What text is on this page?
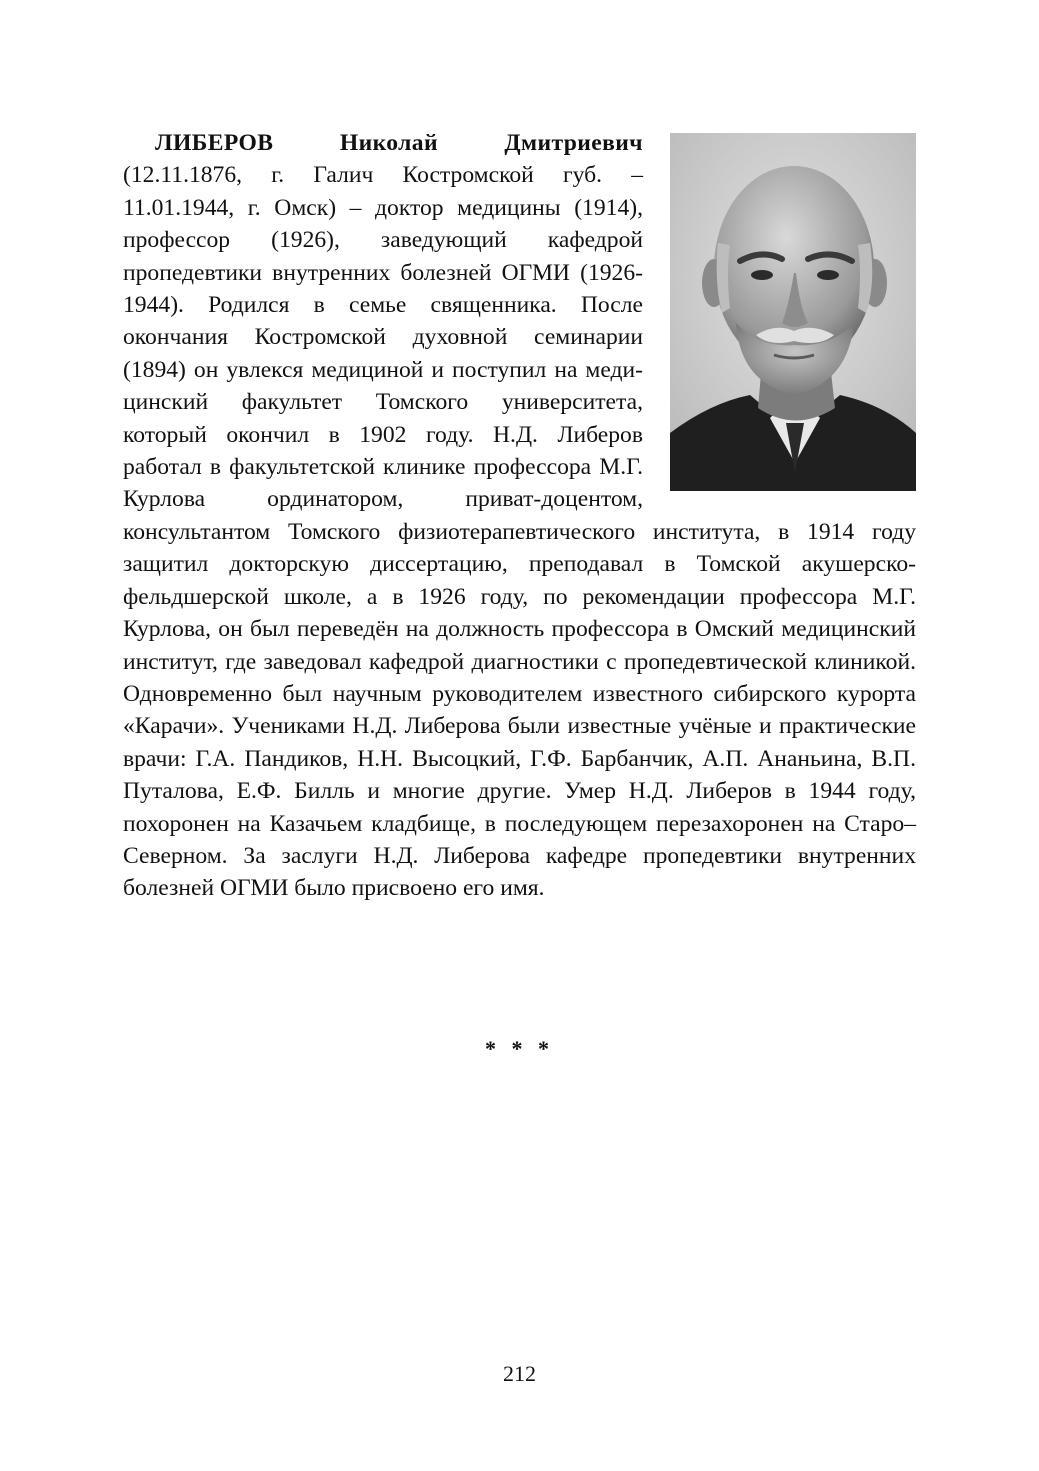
ЛИБЕРОВ Николай Дмитриевич (12.11.1876, г. Галич Костромской губ. – 11.01.1944, г. Омск) – доктор медицины (1914), профессор (1926), заведующий кафедрой пропедевтики внутренних болезней ОГМИ (1926-1944). Родился в семье священника. После окончания Костромской духовной семинарии (1894) он увлекся медициной и поступил на медицинский факультет Томского университета, который окончил в 1902 году. Н.Д. Либеров работал в факультетской клинике профессора М.Г. Курлова ординатором, приват-доцентом, консультантом Томского физиотерапевтического института, в 1914 году защитил докторскую диссертацию, преподавал в Томской акушерско-фельдшерской школе, а в 1926 году, по рекомендации профессора М.Г. Курлова, он был переведён на должность профессора в Омский медицинский институт, где заведовал кафедрой диагностики с пропедевтической клиникой. Одновременно был научным руководителем известного сибирского курорта «Карачи». Учениками Н.Д. Либерова были известные учёные и практические врачи: Г.А. Пандиков, Н.Н. Высоцкий, Г.Ф. Барбанчик, А.П. Ананьина, В.П. Путалова, Е.Ф. Билль и многие другие. Умер Н.Д. Либеров в 1944 году, похоронен на Казачьем кладбище, в последующем перезахоронен на Старо–Северном. За заслуги Н.Д. Либерова кафедре пропедевтики внутренних болезней ОГМИ было присвоено его имя.

* * *
212
